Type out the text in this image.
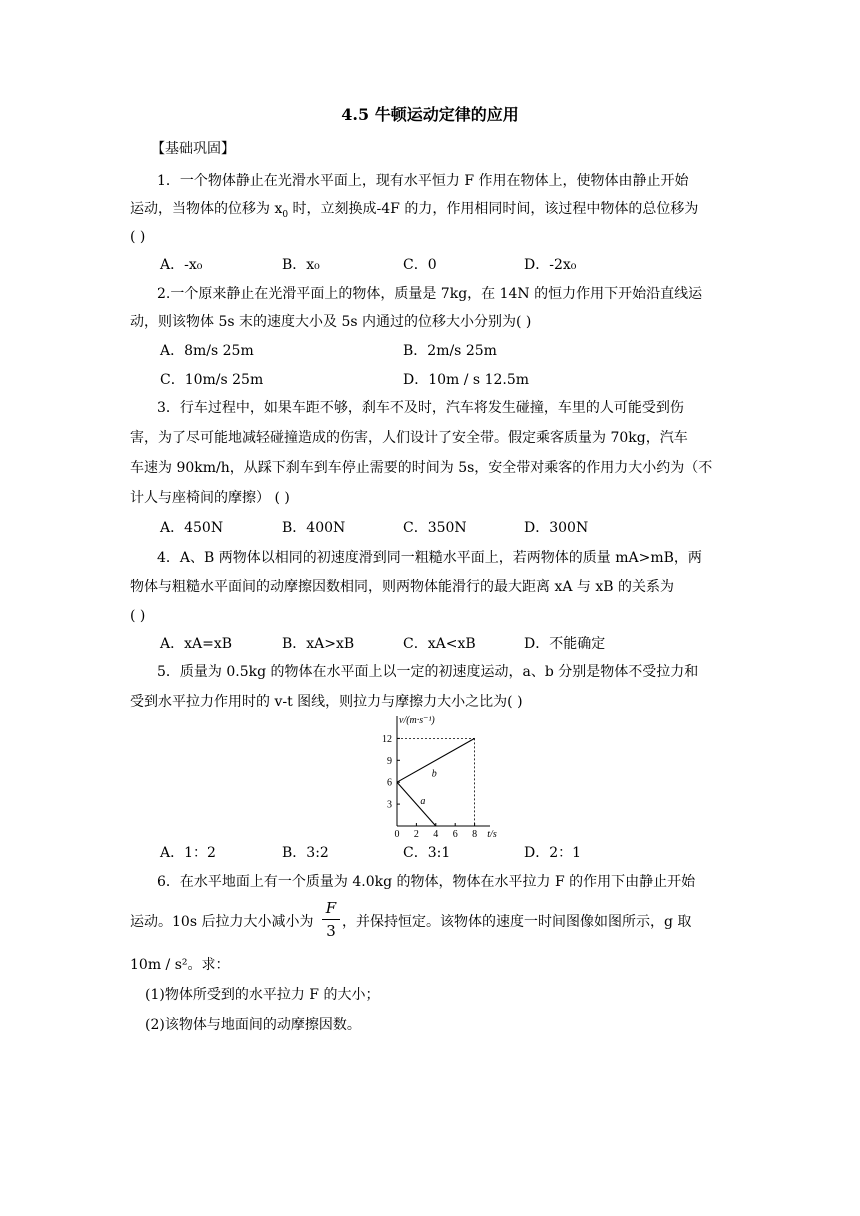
4.5 牛顿运动定律的应用
【基础巩固】
1．一个物体静止在光滑水平面上，现有水平恒力 F 作用在物体上，使物体由静止开始
运动，当物体的位移为 $x_0$ 时，立刻换成-4F 的力，作用相同时间，该过程中物体的总位移为
( )
A．-x₀	B．x₀	C．0	D．-2x₀
2.一个原来静止在光滑平面上的物体，质量是 7kg，在 14N 的恒力作用下开始沿直线运
动，则该物体 5s 末的速度大小及 5s 内通过的位移大小分别为( )
A．8m/s 25m	B．2m/s 25m
C．10m/s 25m	D．10m / s 12.5m
3．行车过程中，如果车距不够，刹车不及时，汽车将发生碰撞，车里的人可能受到伤
害，为了尽可能地减轻碰撞造成的伤害，人们设计了安全带。假定乘客质量为 70kg，汽车
车速为 90km/h，从踩下刹车到车停止需要的时间为 5s，安全带对乘客的作用力大小约为（不
计人与座椅间的摩擦） ( )
A．450N	B．400N	C．350N	D．300N
4．A、B 两物体以相同的初速度滑到同一粗糙水平面上，若两物体的质量 mA>mB，两
物体与粗糙水平面间的动摩擦因数相同，则两物体能滑行的最大距离 xA 与 xB 的关系为
( )
A．xA=xB	B．xA>xB	C．xA<xB	D．不能确定
5．质量为 0.5kg 的物体在水平面上以一定的初速度运动，a、b 分别是物体不受拉力和
受到水平拉力作用时的 v-t 图线，则拉力与摩擦力大小之比为( )
0 2 4 6 8
3
6
9
12
a
b
v/(m·s⁻¹)
t/s
A．1：2	B．3:2	C．3:1	D．2：1
6．在水平地面上有一个质量为 4.0kg 的物体，物体在水平拉力 F 的作用下由静止开始
运动。10s 后拉力大小减小为
F
3 ，并保持恒定。该物体的速度一时间图像如图所示，g 取
10m / s²。求：
(1)物体所受到的水平拉力 F 的大小；
(2)该物体与地面间的动摩擦因数。
